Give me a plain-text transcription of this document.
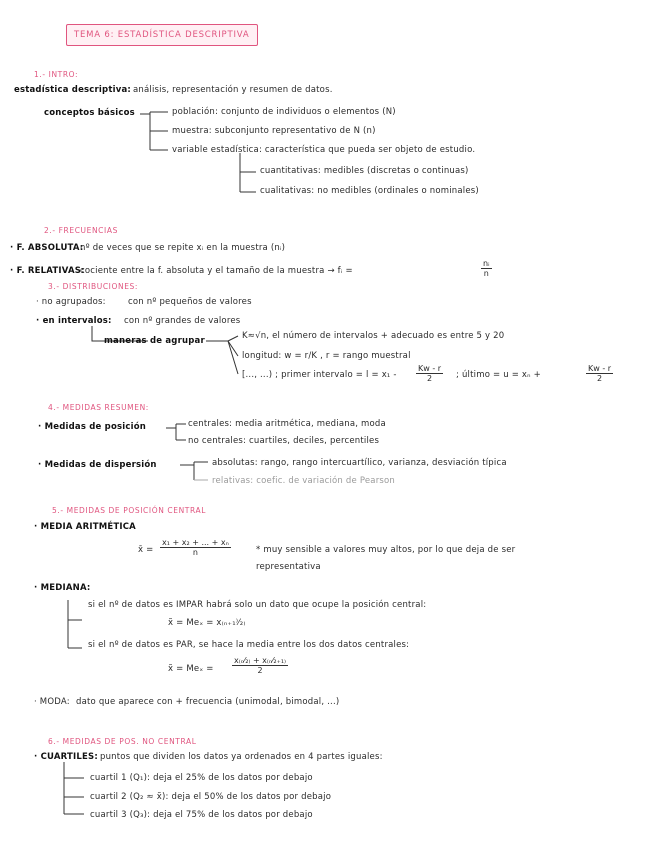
TEMA 6: ESTADÍSTICA DESCRIPTIVA
1.- INTRO:
estadística descriptiva: análisis, representación y resumen de datos.
conceptos básicos	población: conjunto de individuos o elementos (N)
muestra: subconjunto representativo de N (n)
variable estadística: característica que pueda ser objeto de estudio.
cuantitativas: medibles (discretas o continuas)
cualitativas: no medibles (ordinales o nominales)
2.- FRECUENCIAS
· F. ABSOLUTA:
nº de veces que se repite xᵢ en la muestra (nᵢ)
· F. RELATIVAS:
cociente entre la f. absoluta y el tamaño de la muestra → fᵢ =	$\frac{\text{nᵢ}}{n}$
3.- DISTRIBUCIONES:
· no agrupados:	con nº pequeños de valores
· en intervalos: con nº grandes de valores
maneras de agrupar	K≈√n, el número de intervalos + adecuado es entre 5 y 20
longitud: w = r/K , r = rango muestral
[..., ...) ; primer intervalo = $l = x_1 - \frac{Kw - r}{2}$ ; último = u = xₙ +	$\frac{Kw - r}{2}$
4.- MEDIDAS RESUMEN:
· Medidas de posición	centrales: media aritmética, mediana, moda
no centrales: cuartiles, deciles, percentiles
· Medidas de dispersión	absolutas: rango, rango intercuartílico, varianza, desviación típica
relativas: coefic. de variación de Pearson
5.- MEDIDAS DE POSICIÓN CENTRAL
· MEDIA ARITMÉTICA
x̄ = $\frac{\text{x₁ + x₂ + ... + xₙ}}{n}$	* muy sensible a valores muy altos, por lo que deja de ser
representativa
· MEDIANA:
si el nº de datos es IMPAR habrá solo un dato que ocupe la posición central:
x̃ = Meₓ = x₍ₙ₊₁⁾⁄₂₎
si el nº de datos es PAR, se hace la media entre los dos datos centrales:
x̃ = $Me_x = \frac{\text{x₍ₙ⁄₂₎ + x₍ₙ⁄₂₊₁₎}}{2}$
· MODA: dato que aparece con + frecuencia (unimodal, bimodal, ...)
6.- MEDIDAS DE POS. NO CENTRAL
· CUARTILES: puntos que dividen los datos ya ordenados en 4 partes iguales:
cuartil 1 (Q₁): deja el 25% de los datos por debajo
cuartil 2 (Q₂ ≈ x̃): deja el 50% de los datos por debajo
cuartil 3 (Q₃): deja el 75% de los datos por debajo
